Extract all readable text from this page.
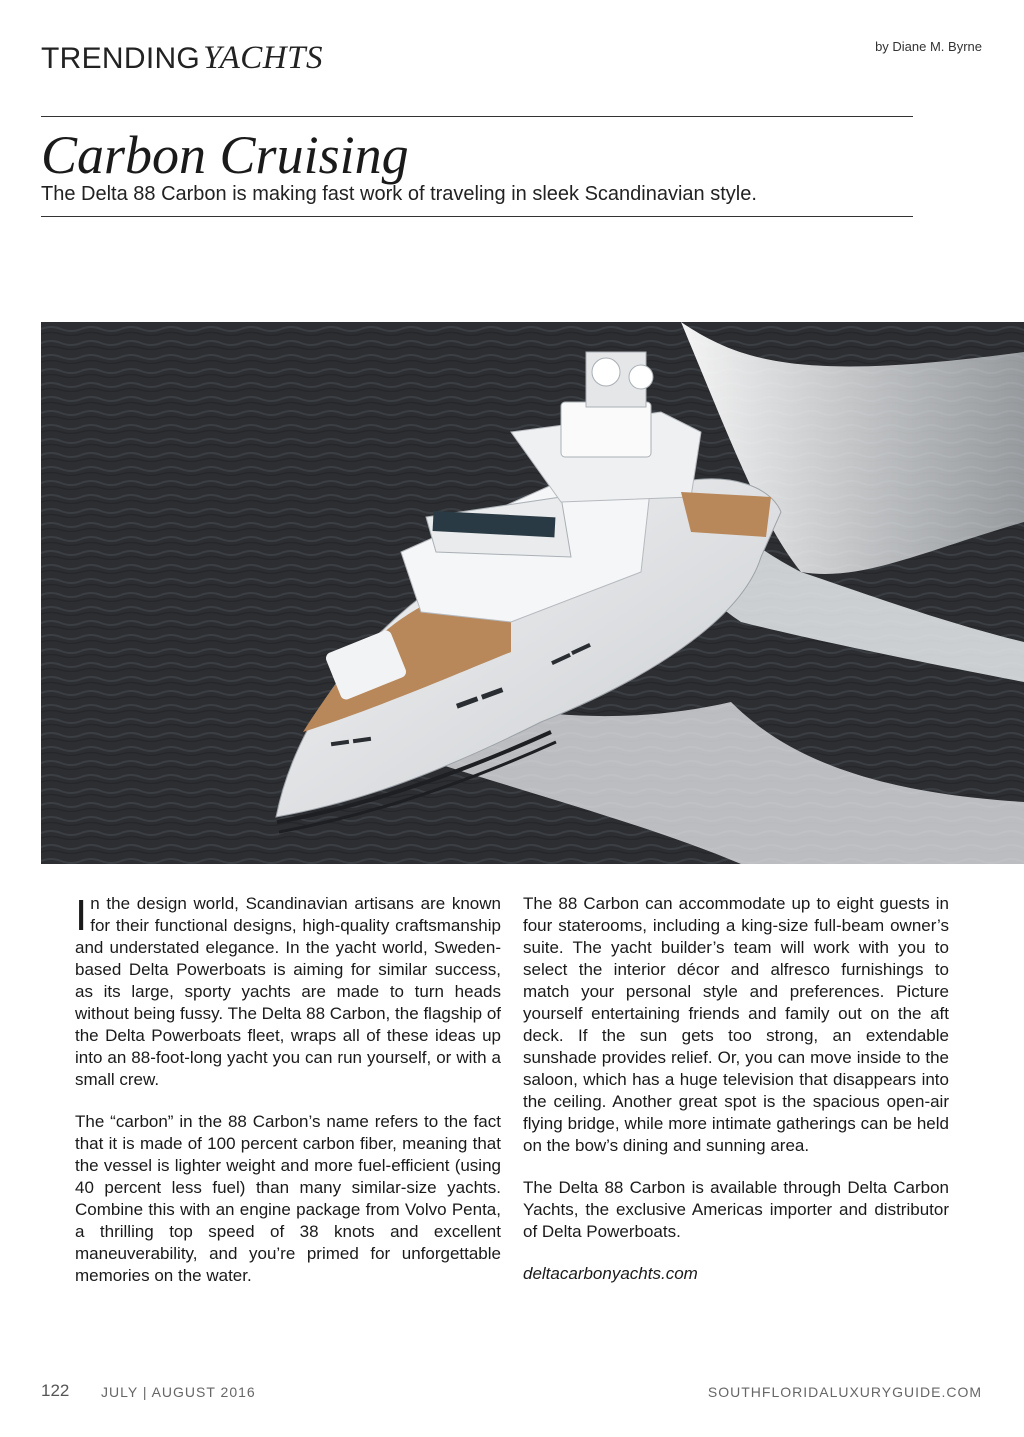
TRENDINGYACHTS	by Diane M. Byrne
Carbon Cruising
The Delta 88 Carbon is making fast work of traveling in sleek Scandinavian style.

In the design world, Scandinavian artisans are known for their functional designs, high-quality craftsmanship and understated elegance. In the yacht world, Sweden-based Delta Powerboats is aiming for similar success, as its large, sporty yachts are made to turn heads without being fussy. The Delta 88 Carbon, the flagship of the Delta Powerboats fleet, wraps all of these ideas up into an 88-foot-long yacht you can run yourself, or with a small crew.

The “carbon” in the 88 Carbon’s name refers to the fact that it is made of 100 percent carbon fiber, meaning that the vessel is lighter weight and more fuel-efficient (using 40 percent less fuel) than many similar-size yachts. Combine this with an engine package from Volvo Penta, a thrilling top speed of 38 knots and excellent maneuverability, and you’re primed for unforgettable memories on the water.

The 88 Carbon can accommodate up to eight guests in four staterooms, including a king-size full-beam owner’s suite. The yacht builder’s team will work with you to select the interior décor and alfresco furnishings to match your personal style and preferences. Picture yourself entertaining friends and family out on the aft deck. If the sun gets too strong, an extendable sunshade provides relief. Or, you can move inside to the saloon, which has a huge television that disappears into the ceiling. Another great spot is the spacious open-air flying bridge, while more intimate gatherings can be held on the bow’s dining and sunning area.

The Delta 88 Carbon is available through Delta Carbon Yachts, the exclusive Americas importer and distributor of Delta Powerboats.

deltacarbonyachts.com

122 JULY | AUGUST 2016	SOUTHFLORIDALUXURYGUIDE.COM
